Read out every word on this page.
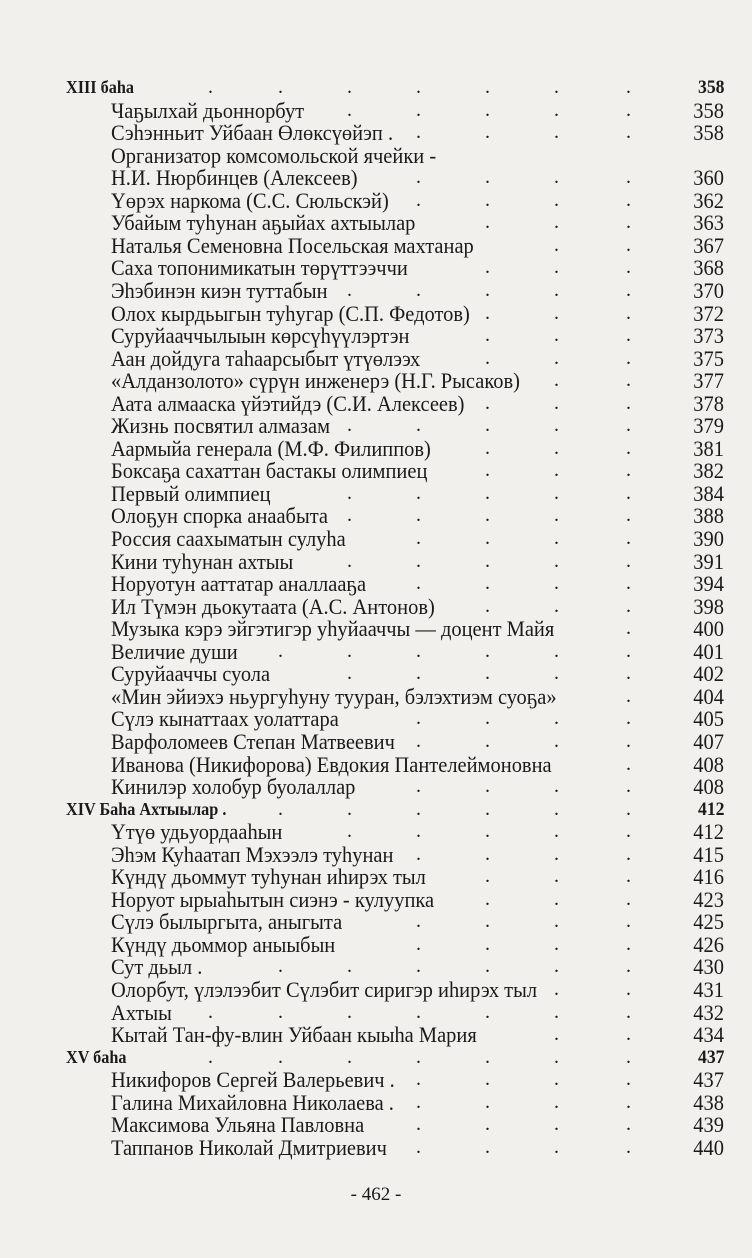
XIII баһа	358
.	.	.	.	.	.	.
Чаҕылхай дьоннорбут	358
.	.	.	.	.
Сэһэнньит Уйбаан Өлөксүөйэп .	358
.	.	.	.
Организатор комсомольской ячейки -
Н.И. Нюрбинцев (Алексеев)	360
.	.	.	.
Үөрэх наркома (С.С. Сюльскэй)	362
.	.	.	.
Убайым туһунан аҕыйах ахтыылар	363
.	.	.
Наталья Семеновна Посельская махтанар	367
.	.
Саха топонимикатын төрүттээччи	368
.	.	.
Эһэбинэн киэн туттабын	370
.	.	.	.	.
Олох кырдьыгын туһугар (С.П. Федотов)	372
.	.	.
Суруйааччылыын көрсүһүүлэртэн	373
.	.	.
Аан дойдуга таһаарсыбыт үтүөлээх	375
.	.	.
«Алданзолото» сүрүн инженерэ (Н.Г. Рысаков)	377
.	.
Аата алмааска үйэтийдэ (С.И. Алексеев)	378
.	.	.
Жизнь посвятил алмазам	379
.	.	.	.	.
Аармыйа генерала (М.Ф. Филиппов)	381
.	.	.
Боксаҕа сахаттан бастакы олимпиец	382
.	.	.
Первый олимпиец	384
.	.	.	.	.
Олоҕун спорка анаабыта	388
.	.	.	.	.
Россия саахыматын сулуһа	390
.	.	.	.
Кини туһунан ахтыы	391
.	.	.	.	.
Норуотун ааттатар аналлааҕа	394
.	.	.	.
Ил Түмэн дьокутаата (А.С. Антонов)	398
.	.	.
Музыка кэрэ эйгэтигэр уһуйааччы — доцент Майя	400
.
Величие души	401
.	.	.	.	.	.
Суруйааччы суола	402
.	.	.	.	.
«Мин эйиэхэ ньургуһуну тууран, бэлэхтиэм суоҕа»	404
.
Сүлэ кынаттаах уолаттара	405
.	.	.	.
Варфоломеев Степан Матвеевич	407
.	.	.	.
Иванова (Никифорова) Евдокия Пантелеймоновна	408
.
Кинилэр холобур буолаллар	408
.	.	.	.
XIV Баһа Ахтыылар .	412
.	.	.	.	.	.
Үтүө удьуордааһын	412
.	.	.	.	.
Эһэм Куһаатап Мэхээлэ туһунан	415
.	.	.	.
Күндү дьоммут туһунан иһирэх тыл	416
.	.	.
Норуот ырыаһытын сиэнэ - кулуупка	423
.	.	.
Сүлэ былыргыта, аныгыта	425
.	.	.	.
Күндү дьоммор аныыбын	426
.	.	.	.
Сут дьыл .	430
.	.	.	.	.	.
Олорбут, үлэлээбит Сүлэбит сиригэр иһирэх тыл	431
.	.
Ахтыы	432
.	.	.	.	.	.	.
Кытай Тан-фу-влин Уйбаан кыыһа Мария	434
.	.
XV баһа	437
.	.	.	.	.	.	.
Никифоров Сергей Валерьевич .	437
.	.	.	.
Галина Михайловна Николаева .	438
.	.	.	.
Максимова Ульяна Павловна	439
.	.	.	.
Таппанов Николай Дмитриевич	440
.	.	.	.
- 462 -
